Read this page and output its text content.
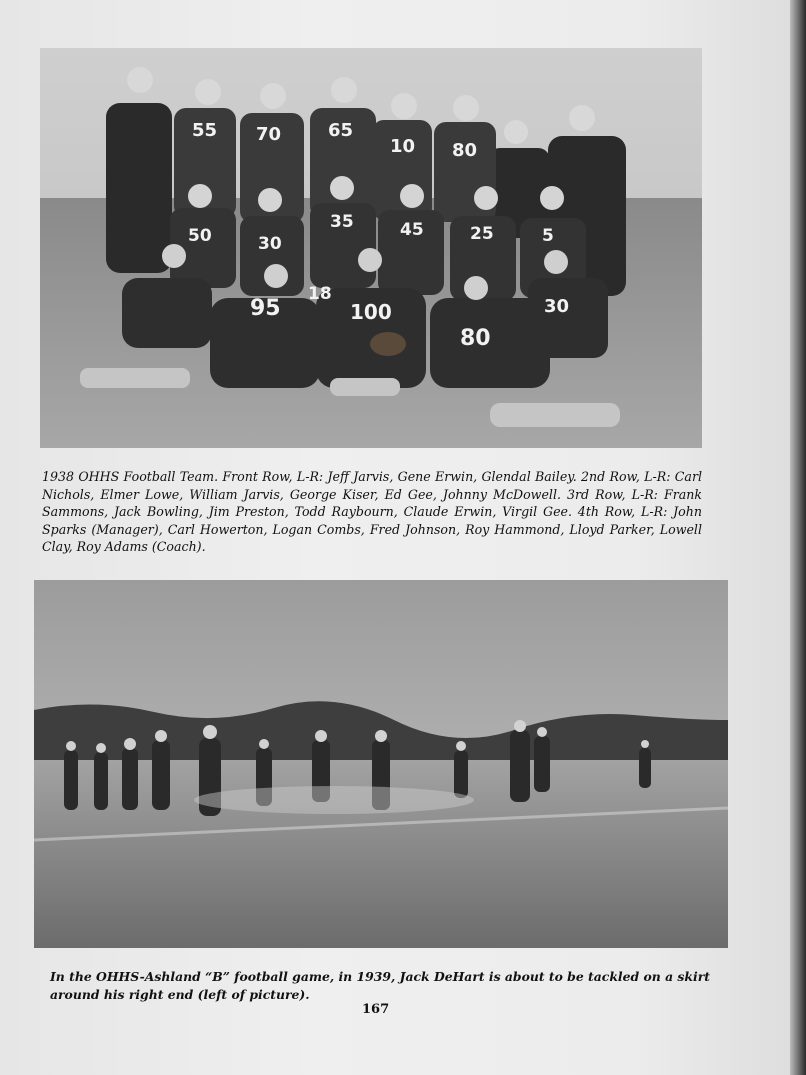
55 70	65
10 80
50	30
35	45	25	5
18
95	100
80
30
1938 OHHS Football Team. Front Row, L-R: Jeff Jarvis, Gene Erwin, Glendal Bailey. 2nd Row, L-R: Carl Nichols, Elmer Lowe, William Jarvis, George Kiser, Ed Gee, Johnny McDowell. 3rd Row, L-R: Frank Sammons, Jack Bowling, Jim Preston, Todd Raybourn, Claude Erwin, Virgil Gee. 4th Row, L-R: John Sparks (Manager), Carl Howerton, Logan Combs, Fred Johnson, Roy Hammond, Lloyd Parker, Lowell Clay, Roy Adams (Coach).
In the OHHS-Ashland “B” football game, in 1939, Jack DeHart is about to be tackled on a skirt around his right end (left of picture).
167
